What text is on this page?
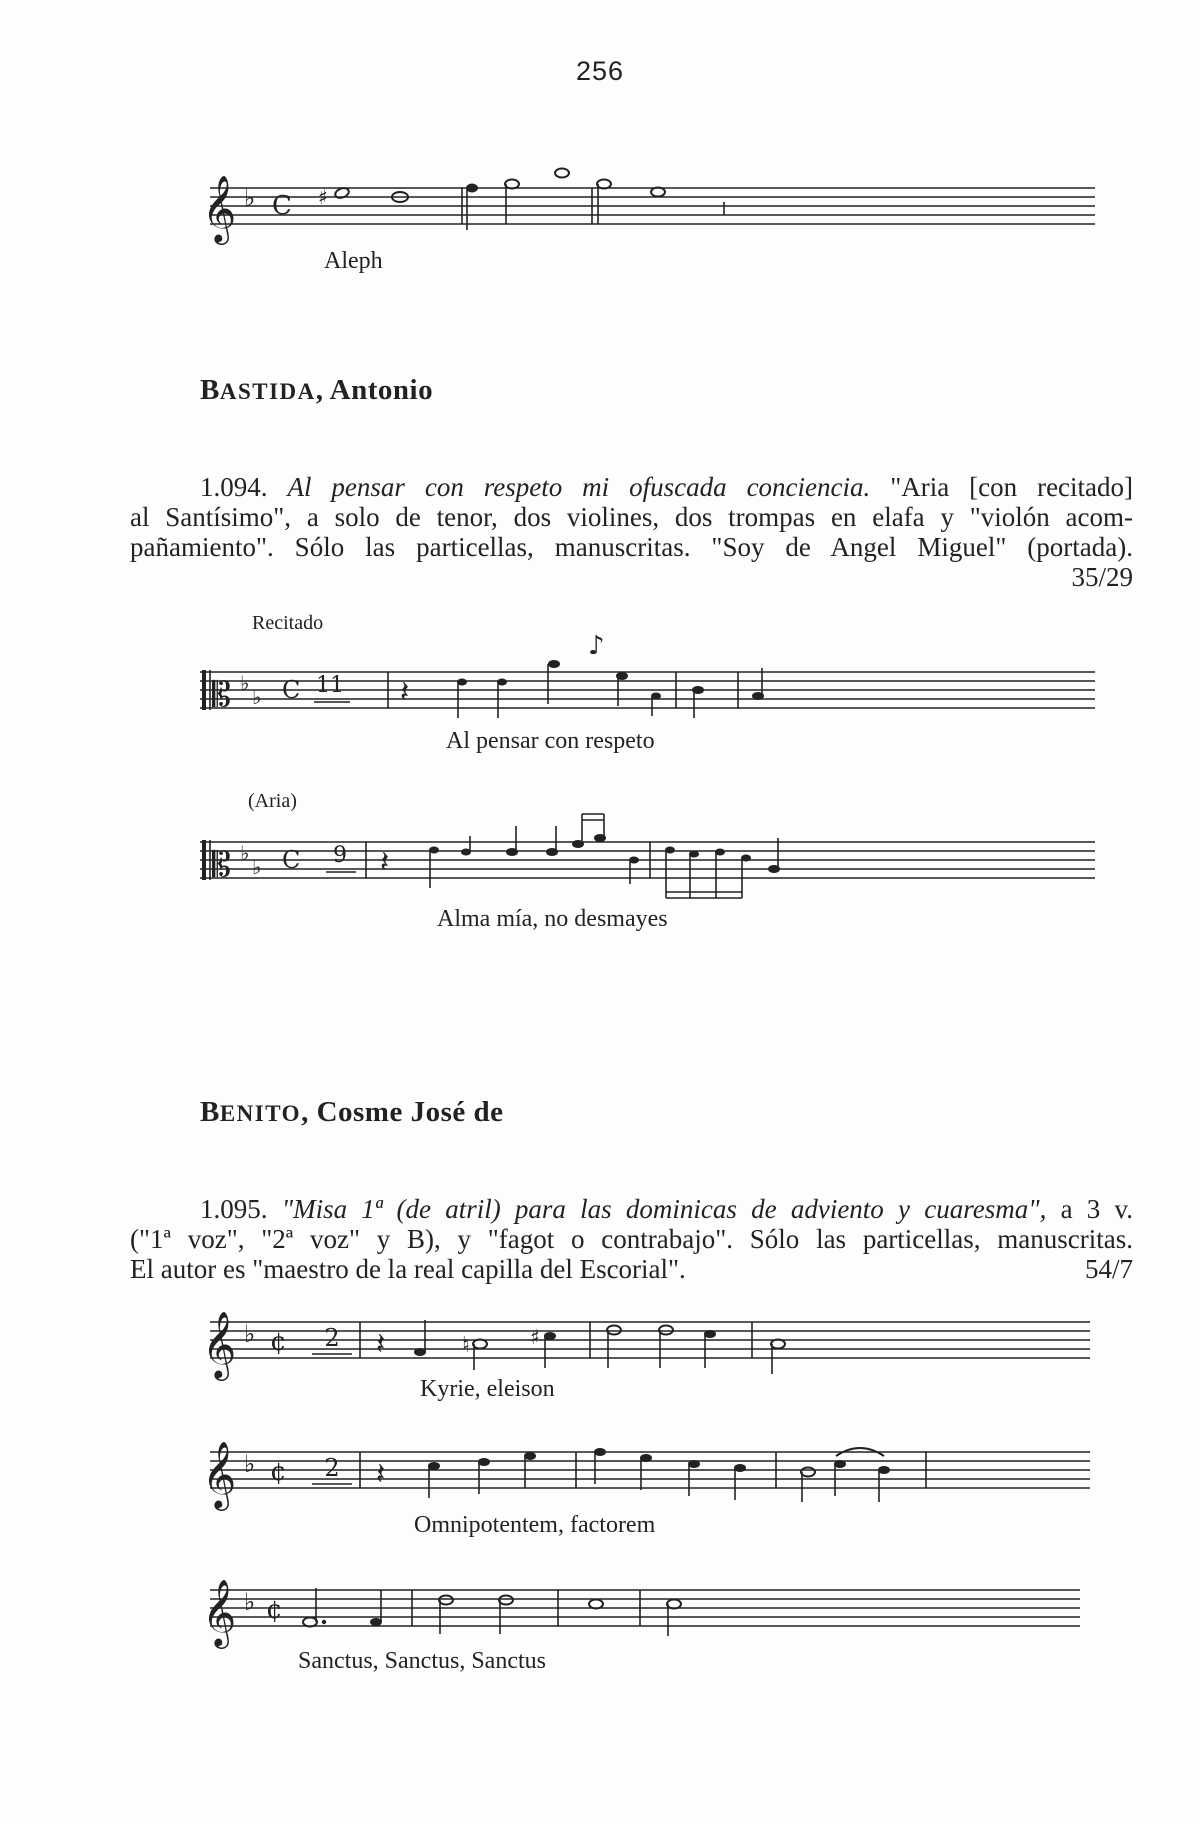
256
𝄞 ♭ C ♯
Aleph
BASTIDA, Antonio
1.094. Al pensar con respeto mi ofuscada conciencia. "Aria [con recitado]
al Santísimo", a solo de tenor, dos violines, dos trompas en elafa y "violón acom-
pañamiento". Sólo las particellas, manuscritas. "Soy de Angel Miguel" (portada).

35/29
Recitado
𝄡 ♭
♭ C 11 𝄽
♪
Al pensar con respeto
(Aria)
𝄡 ♭
♭ C 9 𝄽
Alma mía, no desmayes
BENITO, Cosme José de
1.095. "Misa 1ª (de atril) para las dominicas de adviento y cuaresma", a 3 v.
("1ª voz", "2ª voz" y B), y "fagot o contrabajo". Sólo las particellas, manuscritas.
El autor es "maestro de la real capilla del Escorial".	54/7
𝄞 ♭ ¢ 2 𝄽	♮	♯
Kyrie, eleison
𝄞 ♭ ¢ 2 𝄽
Omnipotentem, factorem
𝄞 ♭ ¢
Sanctus, Sanctus, Sanctus
